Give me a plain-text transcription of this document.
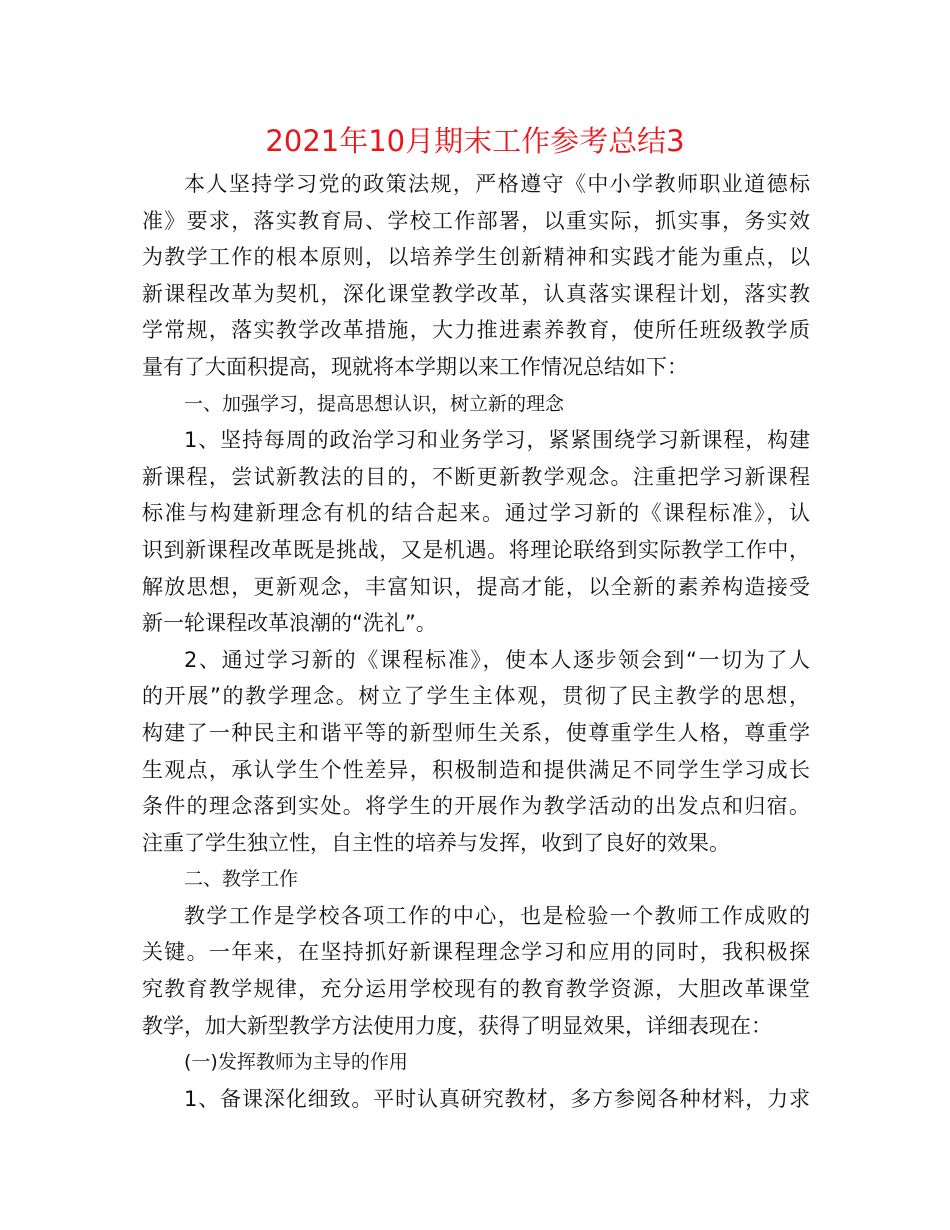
2021年10月期末工作参考总结3
本人坚持学习党的政策法规，严格遵守《中小学教师职业道德标
准》要求，落实教育局、学校工作部署，以重实际，抓实事，务实效
为教学工作的根本原则，以培养学生创新精神和实践才能为重点，以
新课程改革为契机，深化课堂教学改革，认真落实课程计划，落实教
学常规，落实教学改革措施，大力推进素养教育，使所任班级教学质
量有了大面积提高，现就将本学期以来工作情况总结如下：
一、加强学习，提高思想认识，树立新的理念
1、坚持每周的政治学习和业务学习，紧紧围绕学习新课程，构建
新课程，尝试新教法的目的，不断更新教学观念。注重把学习新课程
标准与构建新理念有机的结合起来。通过学习新的《课程标准》，认
识到新课程改革既是挑战，又是机遇。将理论联络到实际教学工作中，
解放思想，更新观念，丰富知识，提高才能，以全新的素养构造接受
新一轮课程改革浪潮的“洗礼”。
2、通过学习新的《课程标准》，使本人逐步领会到“一切为了人
的开展”的教学理念。树立了学生主体观，贯彻了民主教学的思想，
构建了一种民主和谐平等的新型师生关系，使尊重学生人格，尊重学
生观点，承认学生个性差异，积极制造和提供满足不同学生学习成长
条件的理念落到实处。将学生的开展作为教学活动的出发点和归宿。
注重了学生独立性，自主性的培养与发挥，收到了良好的效果。
二、教学工作
教学工作是学校各项工作的中心，也是检验一个教师工作成败的
关键。一年来，在坚持抓好新课程理念学习和应用的同时，我积极探
究教育教学规律，充分运用学校现有的教育教学资源，大胆改革课堂
教学，加大新型教学方法使用力度，获得了明显效果，详细表现在：
(一)发挥教师为主导的作用
1、备课深化细致。平时认真研究教材，多方参阅各种材料，力求
